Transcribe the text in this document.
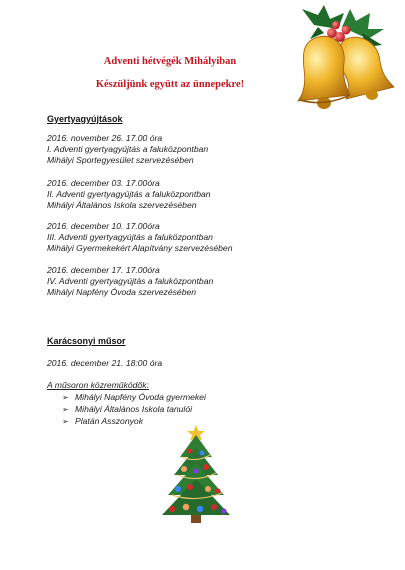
Adventi hétvégék Mihályiban
Készüljünk együtt az ünnepekre!
Gyertyagyújtások
2016. november 26. 17.00 óra
I. Adventi gyertyagyújtás a faluközpontban
Mihályi Sportegyesület szervezésében
2016. december 03. 17.00óra
II. Adventi gyertyagyújtás a faluközpontban
Mihályi Általános Iskola szervezésében
2016. december 10. 17.00óra
III. Adventi gyertyagyújtás a faluközpontban
Mihályi Gyermekekért Alapítvány szervezésében
2016. december 17. 17.00óra
IV. Adventi gyertyagyújtás a faluközpontban
Mihályi Napfény Óvoda szervezésében
Karácsonyi műsor
2016. december 21. 18:00 óra
A műsoron közreműködők:
➢ Mihályi Napfény Óvoda gyermekei
➢ Mihályi Általános Iskola tanulói
➢ Platán Asszonyok
